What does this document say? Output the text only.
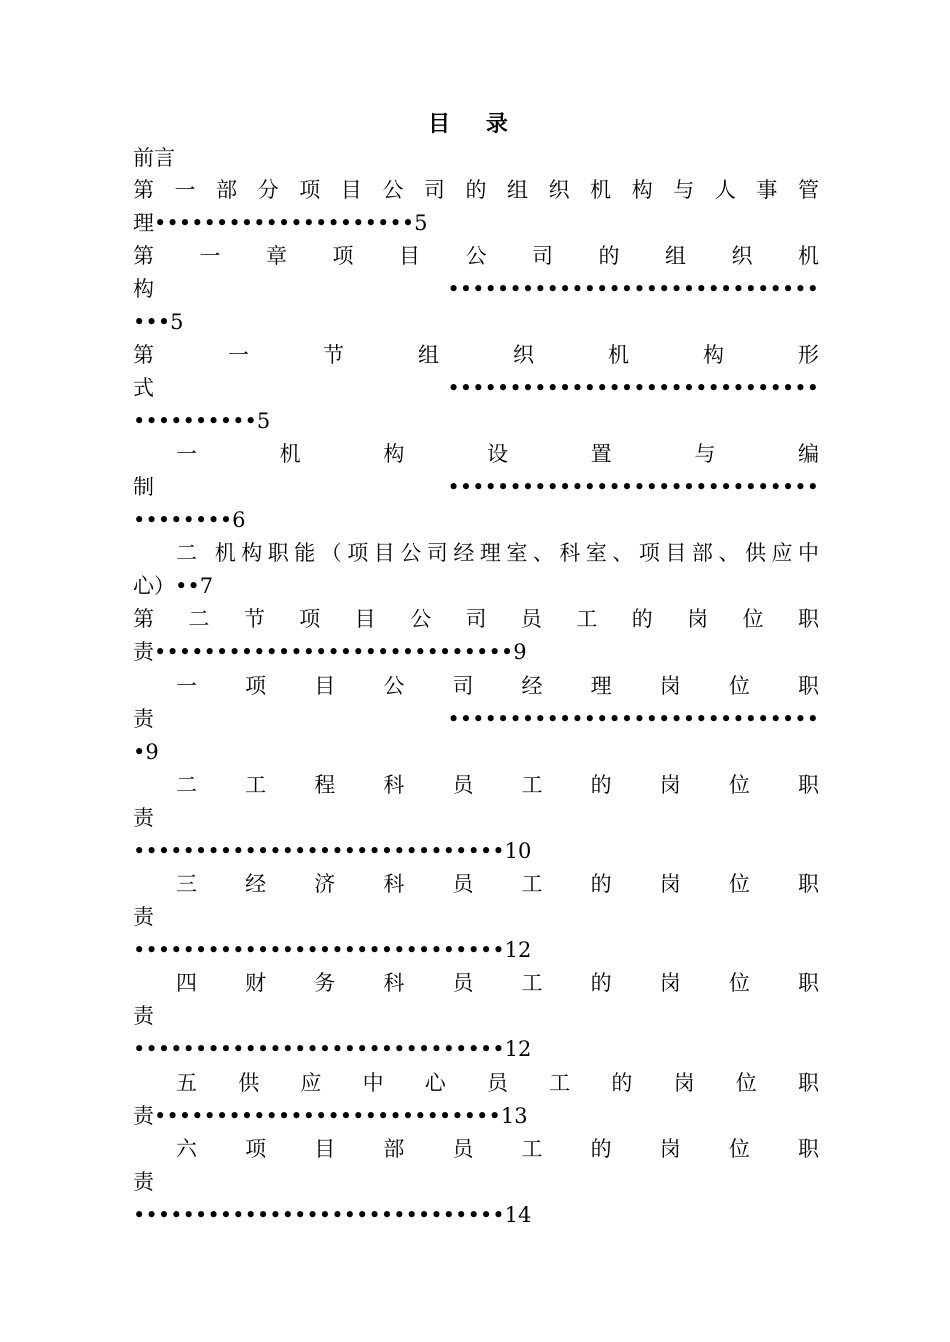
目 录
前言
第 一 部 分 项 目 公 司 的 组 织 机 构 与 人 事 管
理•••••••••••••••••••••5
第 一 章 项 目 公 司 的 组 织 机
构••••••••••••••••••••••••••••••
•••5
第 一 节 组 织 机 构 形
式••••••••••••••••••••••••••••••
••••••••••5
一 机 构 设 置 与 编
制••••••••••••••••••••••••••••••
••••••••6
二 机构职能（项目公司经理室、科室、项目部、供应中
心）••7
第 二 节 项 目 公 司 员 工 的 岗 位 职
责•••••••••••••••••••••••••••••9
一 项 目 公 司 经 理 岗 位 职
责••••••••••••••••••••••••••••••
•9
二 工 程 科 员 工 的 岗 位 职
责
••••••••••••••••••••••••••••••10
三 经 济 科 员 工 的 岗 位 职
责
••••••••••••••••••••••••••••••12
四 财 务 科 员 工 的 岗 位 职
责
••••••••••••••••••••••••••••••12
五 供 应 中 心 员 工 的 岗 位 职
责••••••••••••••••••••••••••••13
六 项 目 部 员 工 的 岗 位 职
责
••••••••••••••••••••••••••••••14
